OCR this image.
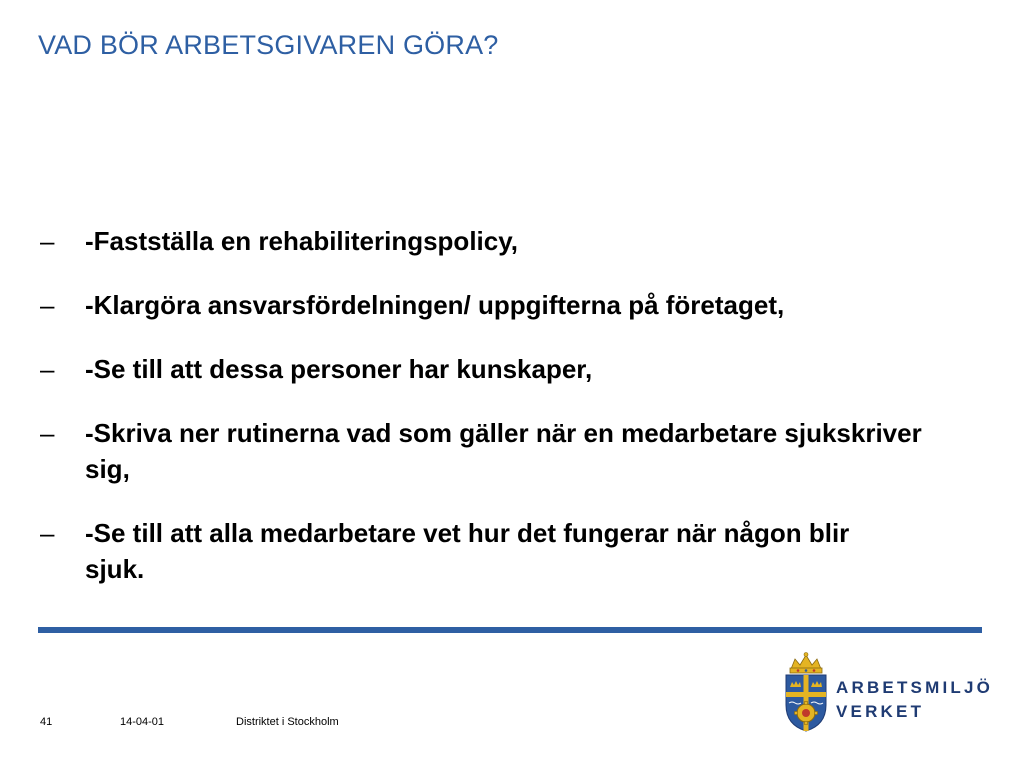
VAD BÖR ARBETSGIVAREN GÖRA?
–	-Fastställa en rehabiliteringspolicy,
–	-Klargöra ansvarsfördelningen/ uppgifterna på företaget,
–	-Se till att dessa personer har kunskaper,
–	-Skriva ner rutinerna vad som gäller när en medarbetare sjukskriver sig,
–	-Se till att alla medarbetare vet hur det fungerar när någon blir sjuk.
41	14-04-01	Distriktet i Stockholm
ARBETSMILJÖ
VERKET
